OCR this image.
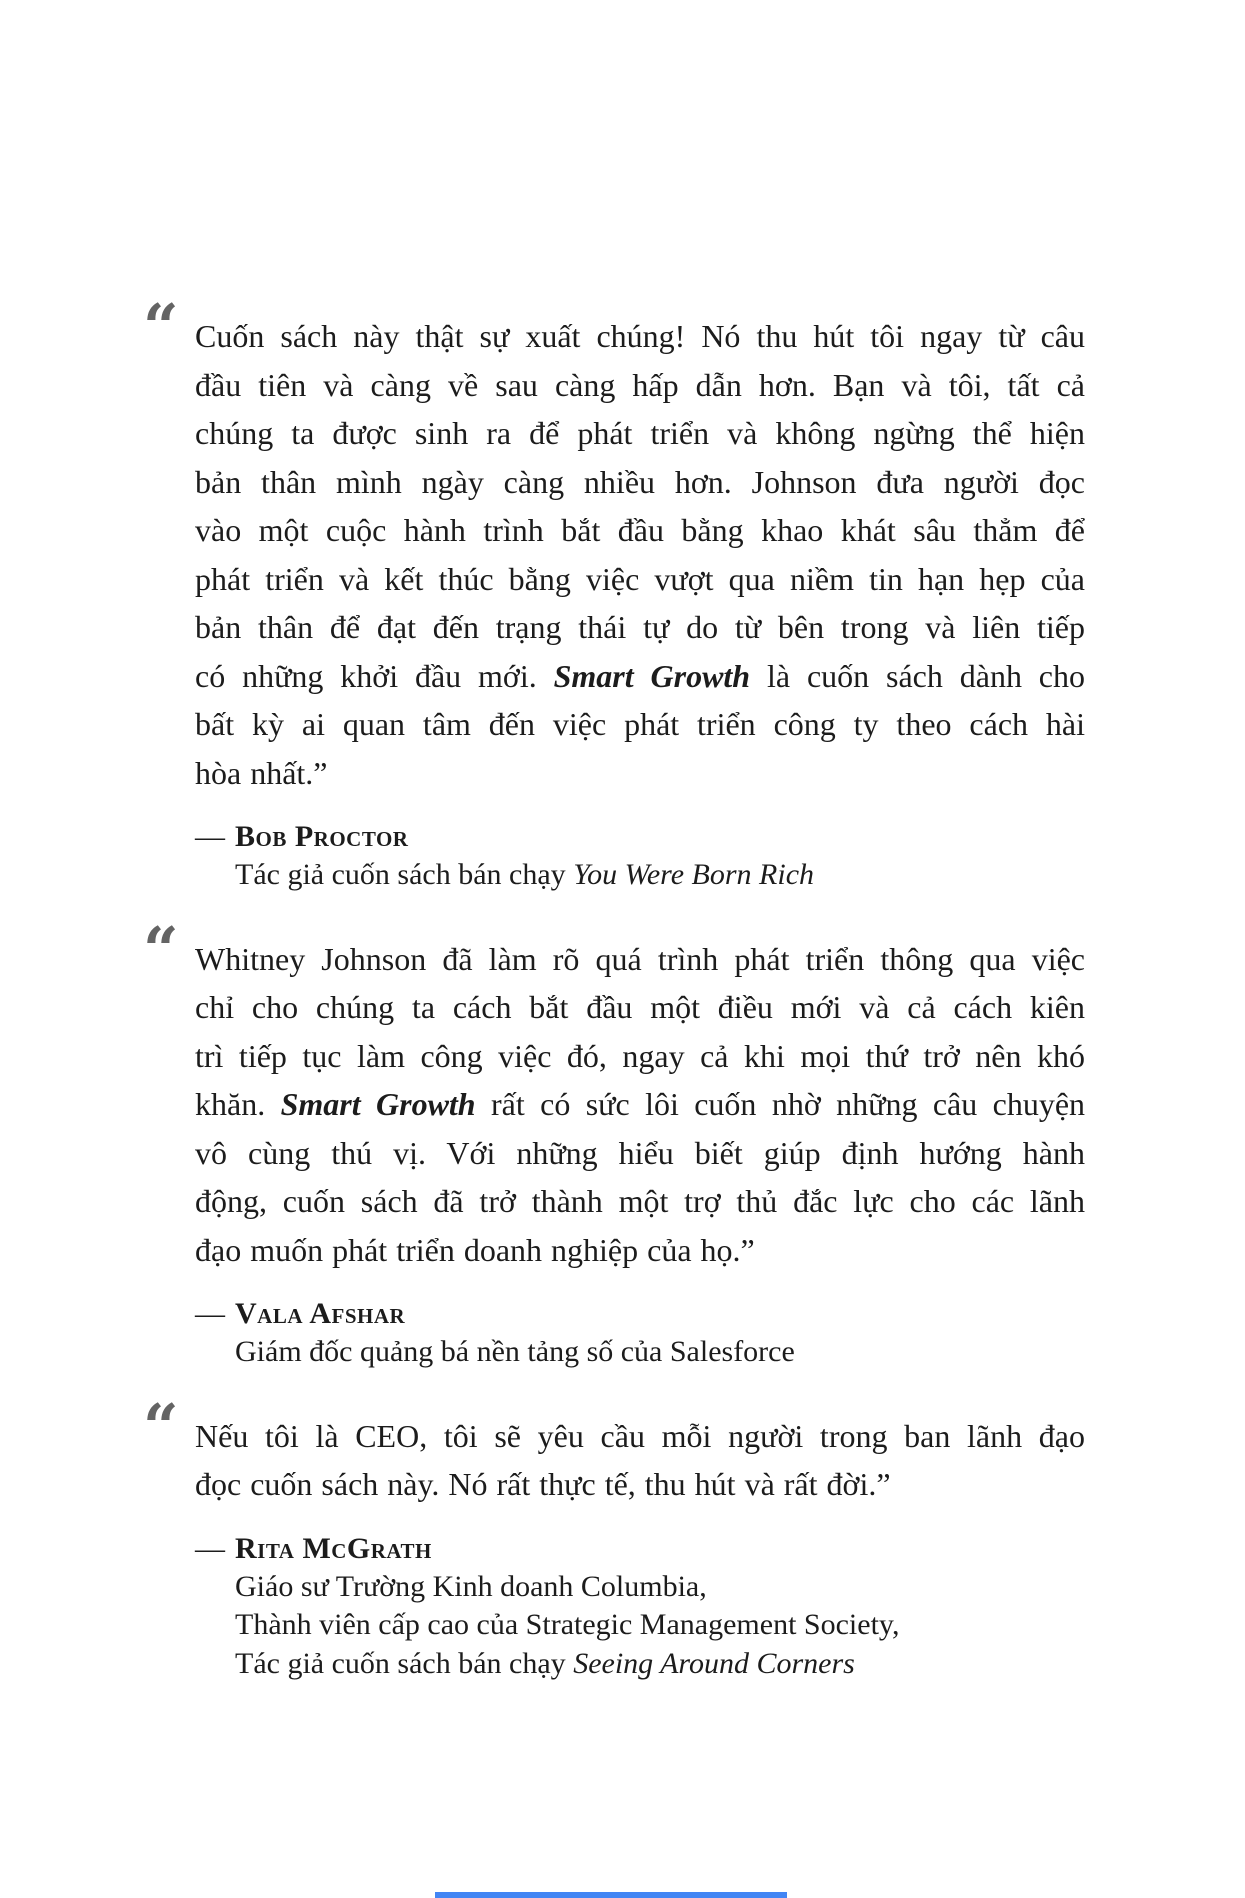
“ Cuốn sách này thật sự xuất chúng! Nó thu hút tôi ngay từ câu
đầu tiên và càng về sau càng hấp dẫn hơn. Bạn và tôi, tất cả
chúng ta được sinh ra để phát triển và không ngừng thể hiện
bản thân mình ngày càng nhiều hơn. Johnson đưa người đọc
vào một cuộc hành trình bắt đầu bằng khao khát sâu thẳm để
phát triển và kết thúc bằng việc vượt qua niềm tin hạn hẹp của
bản thân để đạt đến trạng thái tự do từ bên trong và liên tiếp
có những khởi đầu mới. Smart Growth là cuốn sách dành cho
bất kỳ ai quan tâm đến việc phát triển công ty theo cách hài
hòa nhất.”
— Bob Proctor
Tác giả cuốn sách bán chạy You Were Born Rich
“ Whitney Johnson đã làm rõ quá trình phát triển thông qua việc
chỉ cho chúng ta cách bắt đầu một điều mới và cả cách kiên
trì tiếp tục làm công việc đó, ngay cả khi mọi thứ trở nên khó
khăn. Smart Growth rất có sức lôi cuốn nhờ những câu chuyện
vô cùng thú vị. Với những hiểu biết giúp định hướng hành
động, cuốn sách đã trở thành một trợ thủ đắc lực cho các lãnh
đạo muốn phát triển doanh nghiệp của họ.”
— Vala Afshar
Giám đốc quảng bá nền tảng số của Salesforce
“ Nếu tôi là CEO, tôi sẽ yêu cầu mỗi người trong ban lãnh đạo
đọc cuốn sách này. Nó rất thực tế, thu hút và rất đời.”
— Rita McGrath
Giáo sư Trường Kinh doanh Columbia,
Thành viên cấp cao của Strategic Management Society,
Tác giả cuốn sách bán chạy Seeing Around Corners
